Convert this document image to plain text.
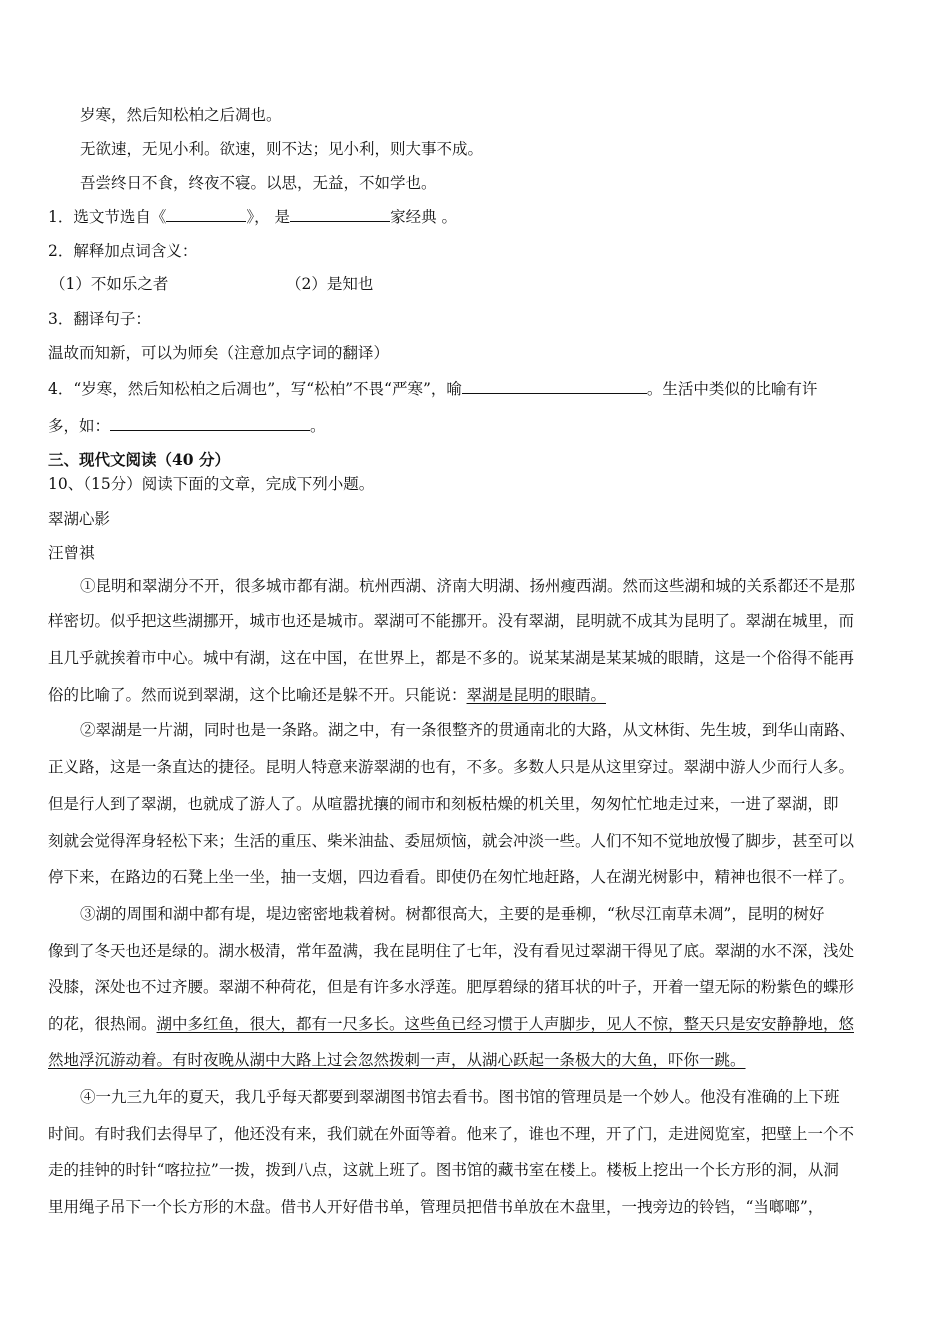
岁寒，然后知松柏之后凋也。
无欲速，无见小利。欲速，则不达；见小利，则大事不成。
吾尝终日不食，终夜不寝。以思，无益，不如学也。
1．选文节选自《	》， 是	家经典 。
2．解释加点词含义：
（1）不如乐之者	（2）是知也
3．翻译句子：
温故而知新，可以为师矣（注意加点字词的翻译）
4．“岁寒，然后知松柏之后凋也”，写“松柏”不畏“严寒”，喻	。生活中类似的比喻有许
多，如：	。
三、现代文阅读（40 分）
10、（15分）阅读下面的文章，完成下列小题。
翠湖心影
汪曾祺
①昆明和翠湖分不开，很多城市都有湖。杭州西湖、济南大明湖、扬州瘦西湖。然而这些湖和城的关系都还不是那
样密切。似乎把这些湖挪开，城市也还是城市。翠湖可不能挪开。没有翠湖，昆明就不成其为昆明了。翠湖在城里，而
且几乎就挨着市中心。城中有湖，这在中国，在世界上，都是不多的。说某某湖是某某城的眼睛，这是一个俗得不能再
俗的比喻了。然而说到翠湖，这个比喻还是躲不开。只能说：翠湖是昆明的眼睛。
②翠湖是一片湖，同时也是一条路。湖之中，有一条很整齐的贯通南北的大路，从文林街、先生坡，到华山南路、
正义路，这是一条直达的捷径。昆明人特意来游翠湖的也有，不多。多数人只是从这里穿过。翠湖中游人少而行人多。
但是行人到了翠湖，也就成了游人了。从喧嚣扰攘的闹市和刻板枯燥的机关里，匆匆忙忙地走过来，一进了翠湖，即
刻就会觉得浑身轻松下来；生活的重压、柴米油盐、委屈烦恼，就会冲淡一些。人们不知不觉地放慢了脚步，甚至可以
停下来，在路边的石凳上坐一坐，抽一支烟，四边看看。即使仍在匆忙地赶路，人在湖光树影中，精神也很不一样了。
③湖的周围和湖中都有堤，堤边密密地栽着树。树都很高大，主要的是垂柳，“秋尽江南草未凋”，昆明的树好
像到了冬天也还是绿的。湖水极清，常年盈满，我在昆明住了七年，没有看见过翠湖干得见了底。翠湖的水不深，浅处
没膝，深处也不过齐腰。翠湖不种荷花，但是有许多水浮莲。肥厚碧绿的猪耳状的叶子，开着一望无际的粉紫色的蝶形
的花，很热闹。湖中多红鱼，很大，都有一尺多长。这些鱼已经习惯于人声脚步，见人不惊，整天只是安安静静地，悠
然地浮沉游动着。有时夜晚从湖中大路上过会忽然拨刺一声，从湖心跃起一条极大的大鱼，吓你一跳。
④一九三九年的夏天，我几乎每天都要到翠湖图书馆去看书。图书馆的管理员是一个妙人。他没有准确的上下班
时间。有时我们去得早了，他还没有来，我们就在外面等着。他来了，谁也不理，开了门，走进阅览室，把壁上一个不
走的挂钟的时针“喀拉拉”一拨，拨到八点，这就上班了。图书馆的藏书室在楼上。楼板上挖出一个长方形的洞，从洞
里用绳子吊下一个长方形的木盘。借书人开好借书单，管理员把借书单放在木盘里，一拽旁边的铃铛，“当啷啷”，
